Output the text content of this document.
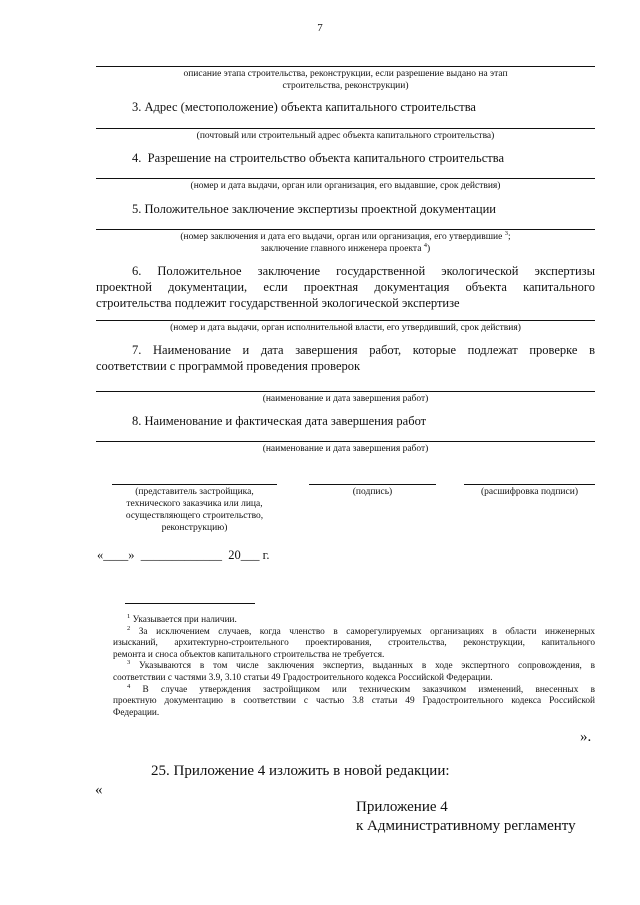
7
описание этапа строительства, реконструкции, если разрешение выдано на этап
строительства, реконструкции)
3. Адрес (местоположение) объекта капитального строительства
(почтовый или строительный адрес объекта капитального строительства)
4.  Разрешение на строительство объекта капитального строительства
(номер и дата выдачи, орган или организация, его выдавшие, срок действия)
5. Положительное заключение экспертизы проектной документации
(номер заключения и дата его выдачи, орган или организация, его утвердившие $^3$;
заключение главного инженера проекта $^4$)
6. Положительное заключение государственной экологической экспертизы
проектной документации, если проектная документация объекта капитального
строительства подлежит государственной экологической экспертизе
(номер и дата выдачи, орган исполнительной власти, его утвердивший, срок действия)
7. Наименование и дата завершения работ, которые подлежат проверке в
соответствии с программой проведения проверок
(наименование и дата завершения работ)
8. Наименование и фактическая дата завершения работ
(наименование и дата завершения работ)
(представитель застройщика,
технического заказчика или лица,
осуществляющего строительство,
реконструкцию)
(подпись)	(расшифровка подписи)
«____»  _____________  20___ г.

$^1$ Указывается при наличии.

$^2$ За исключением случаев, когда членство в саморегулируемых организациях в области инженерных

изысканий, архитектурно-строительного проектирования, строительства, реконструкции, капитального

ремонта и сноса объектов капитального строительства не требуется.

$^3$ Указываются в том числе заключения экспертиз, выданных в ходе экспертного сопровождения, в

соответствии с частями 3.9, 3.10 статьи 49 Градостроительного кодекса Российской Федерации.

$^4$ В случае утверждения застройщиком или техническим заказчиком изменений, внесенных в

проектную документацию в соответствии с частью 3.8 статьи 49 Градостроительного кодекса Российской

Федерации.

».
25. Приложение 4 изложить в новой редакции:
«
Приложение 4
к Административному регламенту
